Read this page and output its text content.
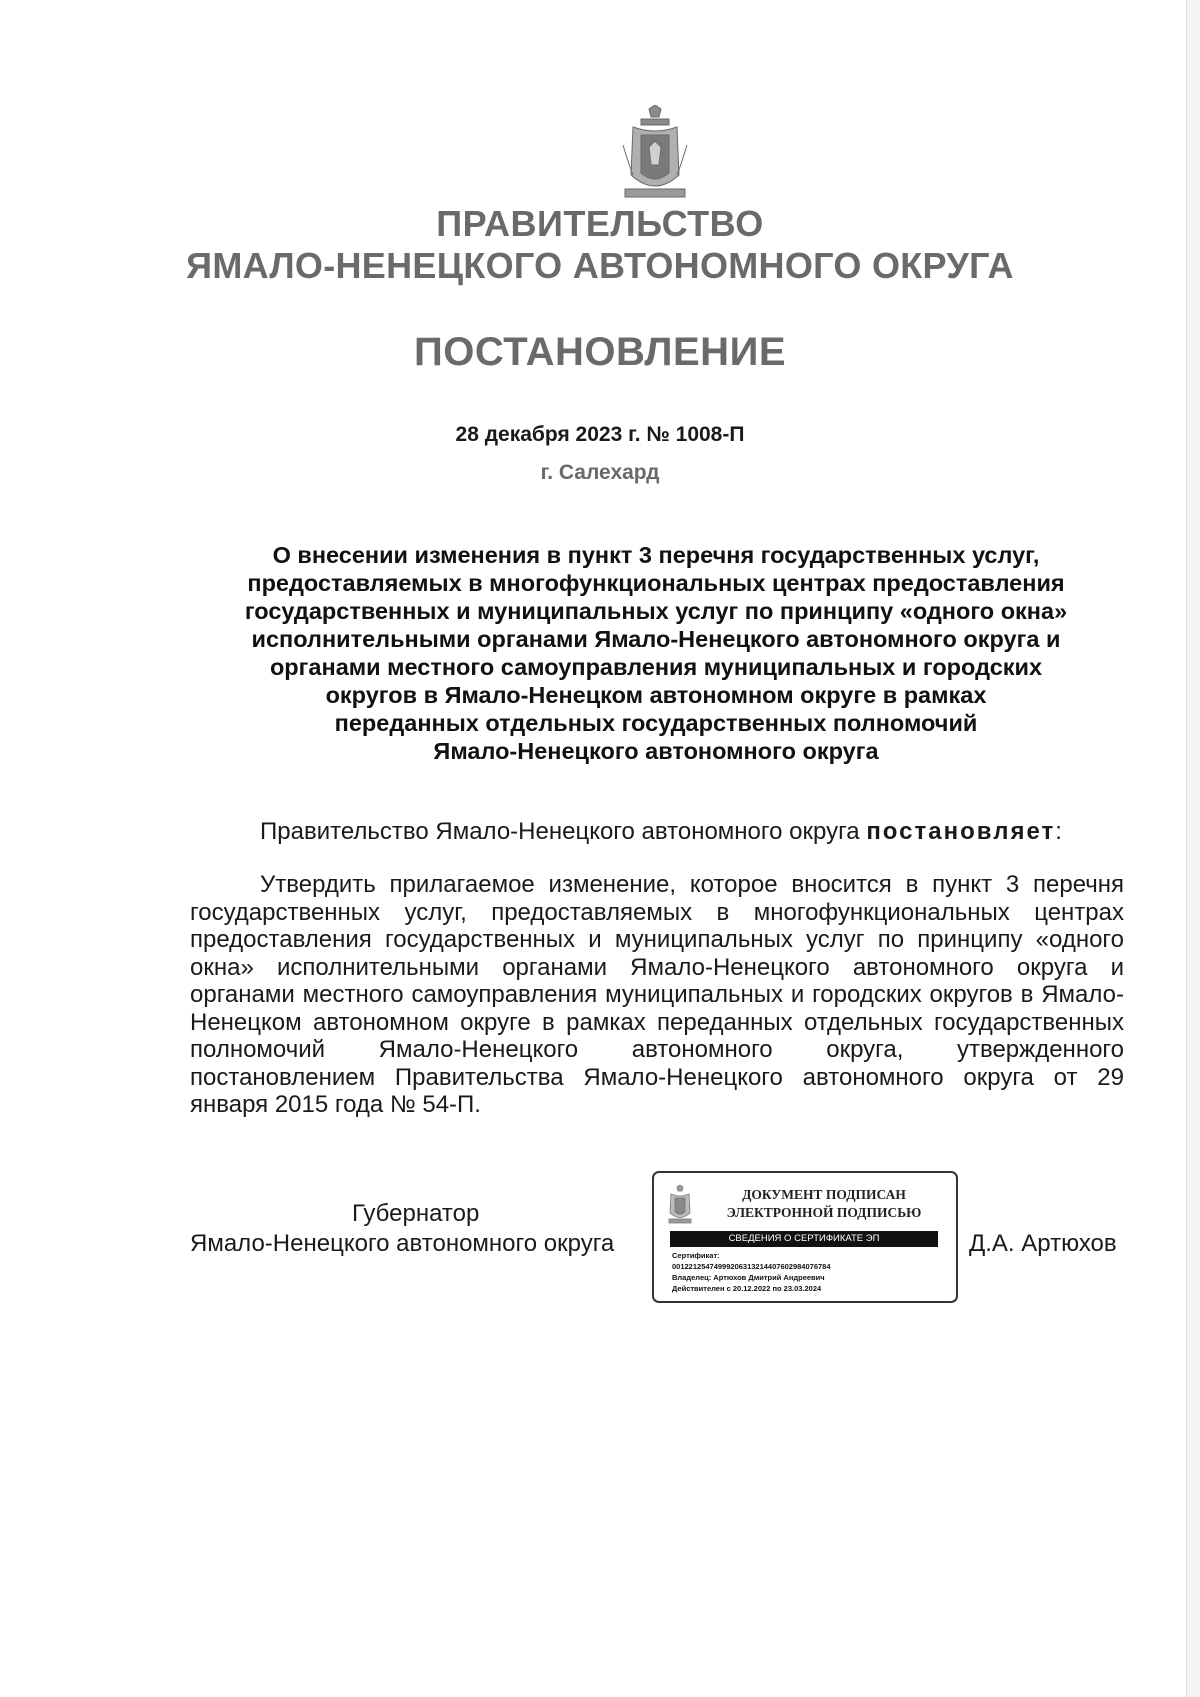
ПРАВИТЕЛЬСТВО
ЯМАЛО-НЕНЕЦКОГО АВТОНОМНОГО ОКРУГА
ПОСТАНОВЛЕНИЕ
28 декабря 2023 г. № 1008-П
г. Салехард
О внесении изменения в пункт 3 перечня государственных услуг,
предоставляемых в многофункциональных центрах предоставления
государственных и муниципальных услуг по принципу «одного окна»
исполнительными органами Ямало-Ненецкого автономного округа и
органами местного самоуправления муниципальных и городских
округов в Ямало-Ненецком автономном округе в рамках
переданных отдельных государственных полномочий
Ямало-Ненецкого автономного округа
Правительство Ямало-Ненецкого автономного округа постановляет:

Утвердить прилагаемое изменение, которое вносится в пункт 3 перечня государственных услуг, предоставляемых в многофункциональных центрах предоставления государственных и муниципальных услуг по принципу «одного окна» исполнительными органами Ямало-Ненецкого автономного округа и органами местного самоуправления муниципальных и городских округов в Ямало-Ненецком автономном округе в рамках переданных отдельных государственных полномочий Ямало-Ненецкого автономного округа, утвержденного постановлением Правительства Ямало-Ненецкого автономного округа от 29 января 2015 года № 54-П.

Губернатор
Ямало-Ненецкого автономного округа	Д.А. Артюхов
ДОКУМЕНТ ПОДПИСАН
ЭЛЕКТРОННОЙ ПОДПИСЬЮ
СВЕДЕНИЯ О СЕРТИФИКАТЕ ЭП
Сертификат:
00122125474999206313214407602984076784
Владелец: Артюхов Дмитрий Андреевич
Действителен с 20.12.2022 по 23.03.2024
